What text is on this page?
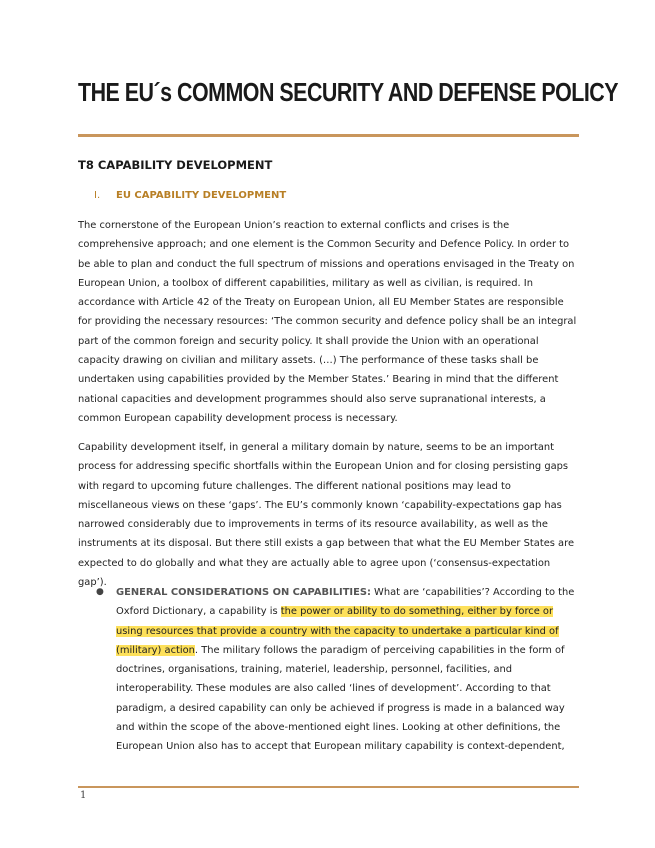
THE EU´s COMMON SECURITY AND DEFENSE POLICY
T8 CAPABILITY DEVELOPMENT
I.	EU CAPABILITY DEVELOPMENT

The cornerstone of the European Union’s reaction to external conflicts and crises is the comprehensive approach; and one element is the Common Security and Defence Policy. In order to be able to plan and conduct the full spectrum of missions and operations envisaged in the Treaty on European Union, a toolbox of different capabilities, military as well as civilian, is required. In accordance with Article 42 of the Treaty on European Union, all EU Member States are responsible for providing the necessary resources: ‘The common security and defence policy shall be an integral part of the common foreign and security policy. It shall provide the Union with an operational capacity drawing on civilian and military assets. (…) The performance of these tasks shall be undertaken using capabilities provided by the Member States.’ Bearing in mind that the different national capacities and development programmes should also serve supranational interests, a common European capability development process is necessary.

Capability development itself, in general a military domain by nature, seems to be an important process for addressing specific shortfalls within the European Union and for closing persisting gaps with regard to upcoming future challenges. The different national positions may lead to miscellaneous views on these ‘gaps’. The EU’s commonly known ‘capability-expectations gap has narrowed considerably due to improvements in terms of its resource availability, as well as the instruments at its disposal. But there still exists a gap between that what the EU Member States are expected to do globally and what they are actually able to agree upon (‘consensus-expectation gap’).

●	GENERAL CONSIDERATIONS ON CAPABILITIES: What are ‘capabilities’? According to the Oxford Dictionary, a capability is the power or ability to do something, either by force or using resources that provide a country with the capacity to undertake a particular kind of (military) action. The military follows the paradigm of perceiving capabilities in the form of doctrines, organisations, training, materiel, leadership, personnel, facilities, and interoperability. These modules are also called ‘lines of development’. According to that paradigm, a desired capability can only be achieved if progress is made in a balanced way and within the scope of the above-mentioned eight lines. Looking at other definitions, the European Union also has to accept that European military capability is context-dependent,

1
